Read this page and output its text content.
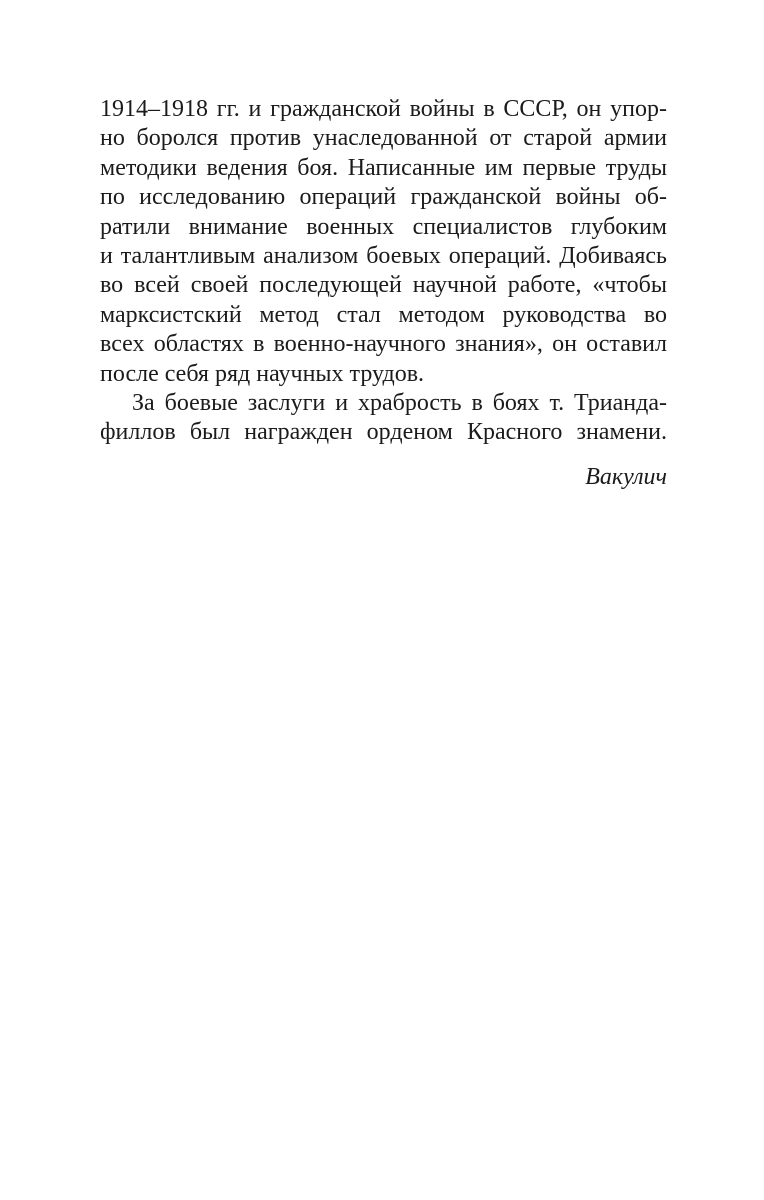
1914–1918 гг. и гражданской войны в СССР, он упор-
но боролся против унаследованной от старой армии
методики ведения боя. Написанные им первые труды
по исследованию операций гражданской войны об-
ратили внимание военных специалистов глубоким
и талантливым анализом боевых операций. Добиваясь
во всей своей последующей научной работе, «чтобы
марксистский метод стал методом руководства во
всех областях в военно-научного знания», он оставил
после себя ряд научных трудов.
За боевые заслуги и храбрость в боях т. Трианда-
филлов был награжден орденом Красного знамени.
Вакулич
